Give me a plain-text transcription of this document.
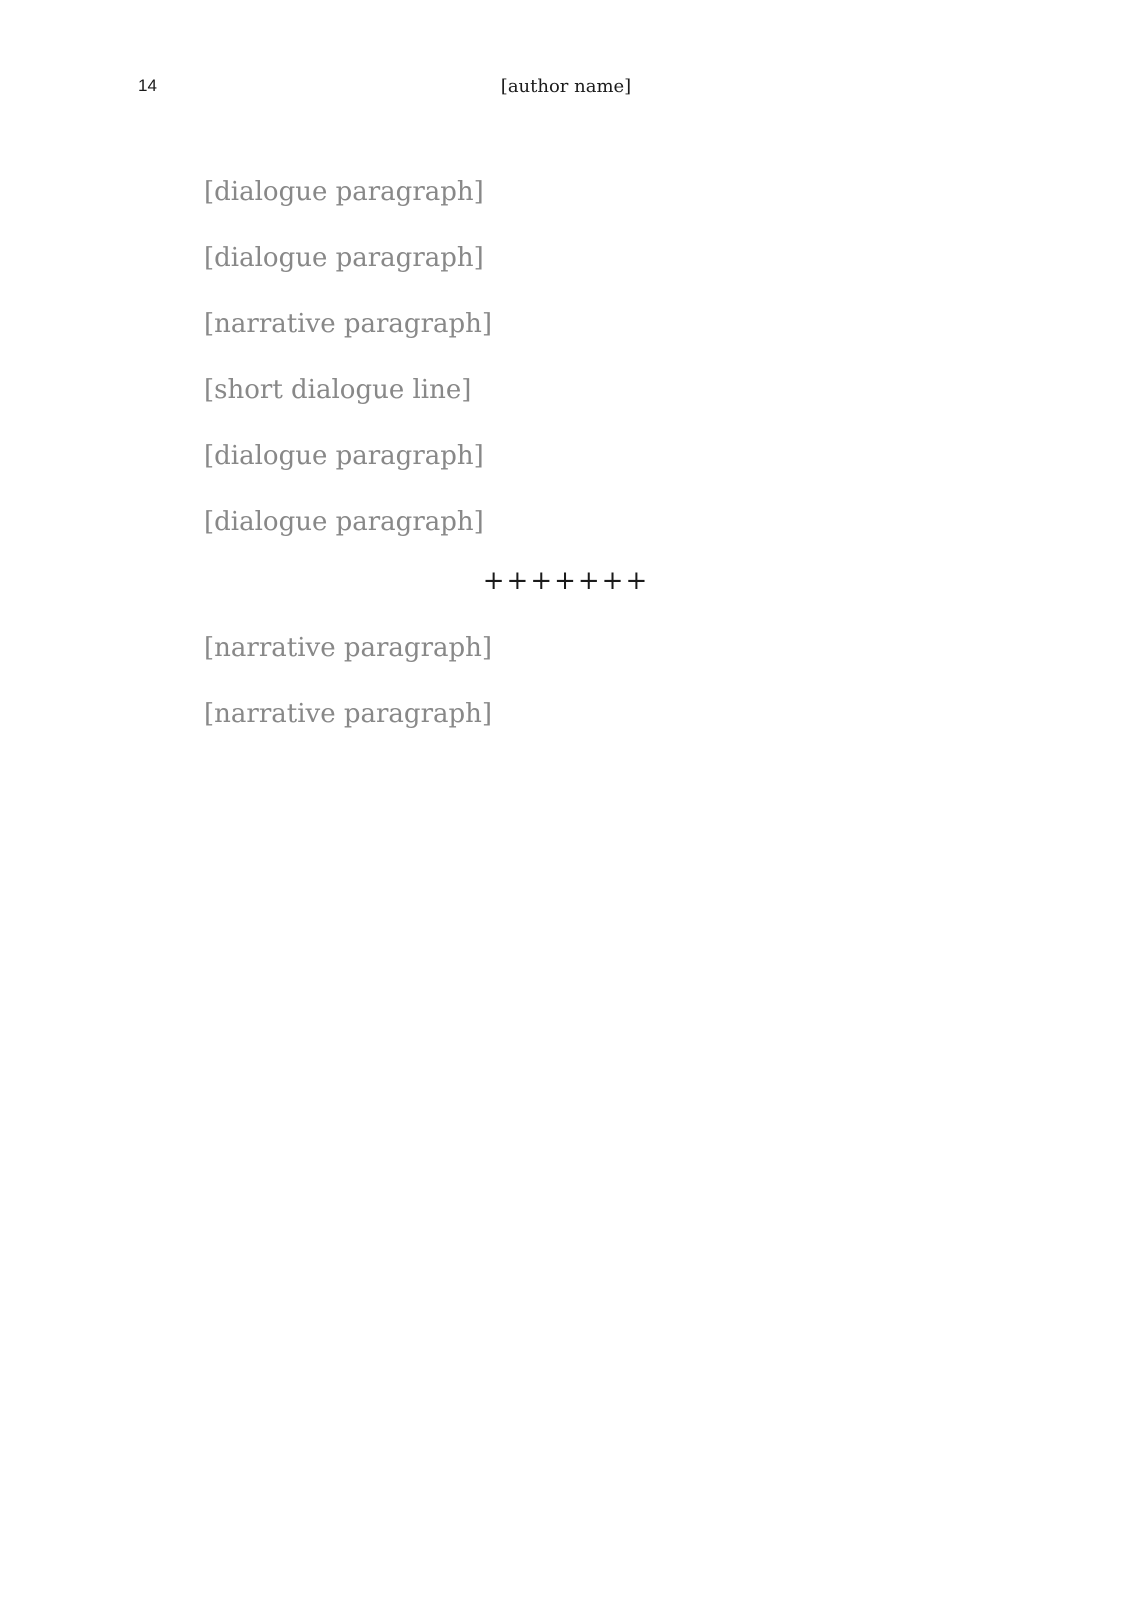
14	[author name]

[dialogue paragraph]

[dialogue paragraph]

[narrative paragraph]

[short dialogue line]

[dialogue paragraph]

[dialogue paragraph]

+++++++

[narrative paragraph]

[narrative paragraph]
